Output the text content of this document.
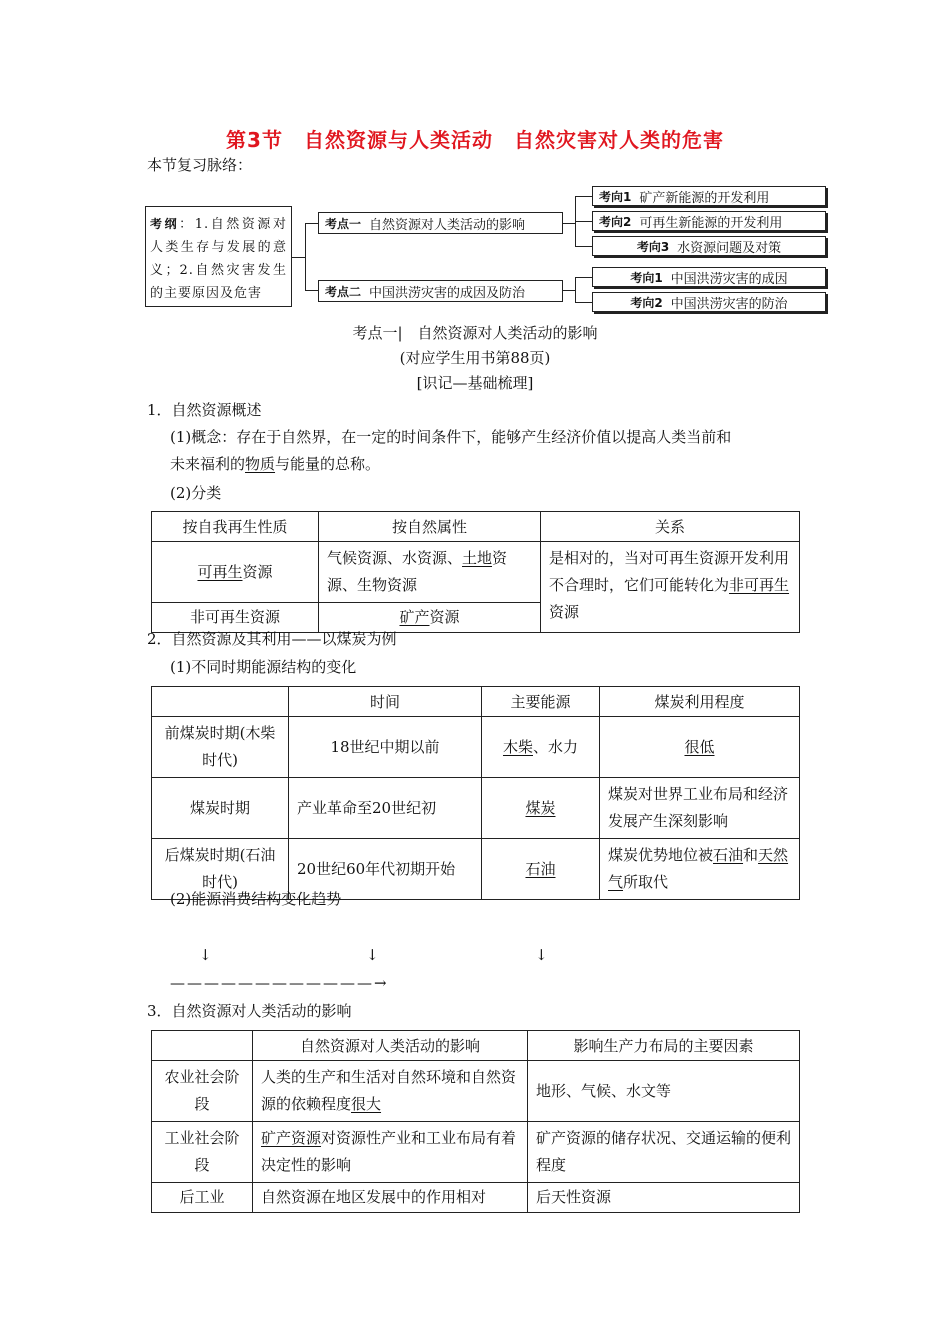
第3节　自然资源与人类活动　自然灾害对人类的危害
本节复习脉络：
考纲：1.自然资源对人类生存与发展的意义；2.自然灾害发生的主要原因及危害
考点一 自然资源对人类活动的影响
考点二 中国洪涝灾害的成因及防治
考向1 矿产新能源的开发利用
考向2 可再生新能源的开发利用
考向3 水资源问题及对策
考向1 中国洪涝灾害的成因
考向2 中国洪涝灾害的防治
考点一|　自然资源对人类活动的影响
(对应学生用书第88页)
[识记—基础梳理]
1．自然资源概述
(1)概念：存在于自然界，在一定的时间条件下，能够产生经济价值以提高人类当前和
未来福利的物质与能量的总称。
(2)分类
按自我再生性质	按自然属性	关系
可再生资源	气候资源、水资源、土地资源、生物资源	是相对的，当对可再生资源开发利用不合理时，它们可能转化为非可再生资源
非可再生资源	矿产资源	
2．自然资源及其利用——以煤炭为例
(1)不同时期能源结构的变化
	时间	主要能源	煤炭利用程度
前煤炭时期(木柴时代)	18世纪中期以前	木柴、水力	很低
煤炭时期	产业革命至20世纪初	煤炭	煤炭对世界工业布局和经济发展产生深刻影响
后煤炭时期(石油时代)	20世纪60年代初期开始	石油	煤炭优势地位被石油和天然气所取代
(2)能源消费结构变化趋势
↓	↓	↓
————————————→
3．自然资源对人类活动的影响
	自然资源对人类活动的影响	影响生产力布局的主要因素
农业社会阶段	人类的生产和生活对自然环境和自然资源的依赖程度很大	地形、气候、水文等
工业社会阶段	矿产资源对资源性产业和工业布局有着决定性的影响	矿产资源的储存状况、交通运输的便利程度
后工业	自然资源在地区发展中的作用相对	后天性资源
